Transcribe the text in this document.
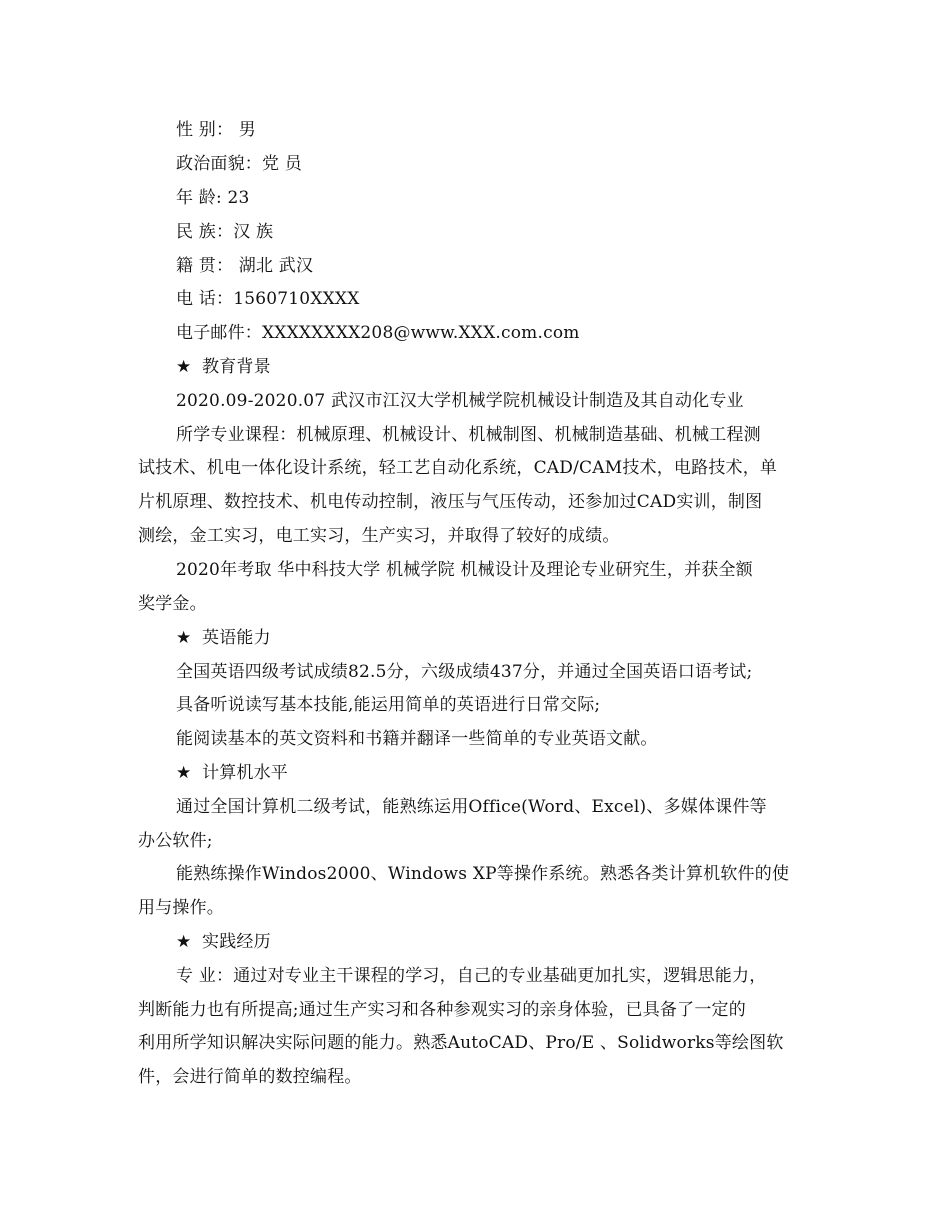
性 别： 男
政治面貌：党 员
年 龄: 23
民 族：汉 族
籍 贯： 湖北 武汉
电 话：1560710XXXX
电子邮件：XXXXXXXX208@www.XXX.com.com
★ 教育背景
2020.09-2020.07 武汉市江汉大学机械学院机械设计制造及其自动化专业
所学专业课程：机械原理、机械设计、机械制图、机械制造基础、机械工程测
试技术、机电一体化设计系统，轻工艺自动化系统，CAD/CAM技术，电路技术，单
片机原理、数控技术、机电传动控制，液压与气压传动，还参加过CAD实训，制图
测绘，金工实习，电工实习，生产实习，并取得了较好的成绩。
2020年考取 华中科技大学 机械学院 机械设计及理论专业研究生，并获全额
奖学金。
★ 英语能力
全国英语四级考试成绩82.5分，六级成绩437分，并通过全国英语口语考试;
具备听说读写基本技能,能运用简单的英语进行日常交际;
能阅读基本的英文资料和书籍并翻译一些简单的专业英语文献。
★ 计算机水平
通过全国计算机二级考试，能熟练运用Office(Word、Excel)、多媒体课件等
办公软件;
能熟练操作Windos2000、Windows XP等操作系统。熟悉各类计算机软件的使
用与操作。
★ 实践经历
专 业：通过对专业主干课程的学习，自己的专业基础更加扎实，逻辑思能力，
判断能力也有所提高;通过生产实习和各种参观实习的亲身体验，已具备了一定的
利用所学知识解决实际问题的能力。熟悉AutoCAD、Pro/E 、Solidworks等绘图软
件，会进行简单的数控编程。
